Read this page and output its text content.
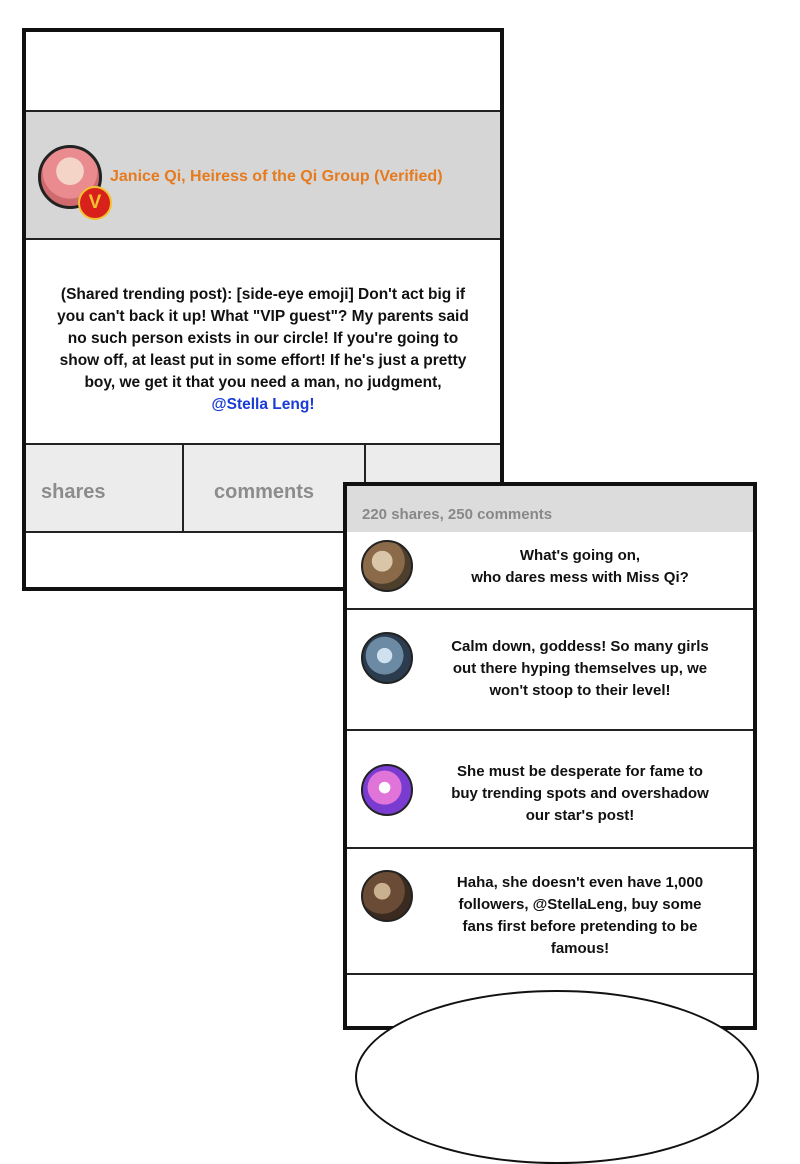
V
Janice Qi, Heiress of the Qi Group (Verified)
(Shared trending post): [side-eye emoji] Don't act big if you can't back it up! What "VIP guest"? My parents said no such person exists in our circle! If you're going to show off, at least put in some effort! If he's just a pretty boy, we get it that you need a man, no judgment, @Stella Leng!
shares	comments
220 shares, 250 comments
What's going on,
who dares mess with Miss Qi?
Calm down, goddess! So many girls
out there hyping themselves up, we
won't stoop to their level!
She must be desperate for fame to
buy trending spots and overshadow
our star's post!
Haha, she doesn't even have 1,000
followers, @StellaLeng, buy some
fans first before pretending to be
famous!
